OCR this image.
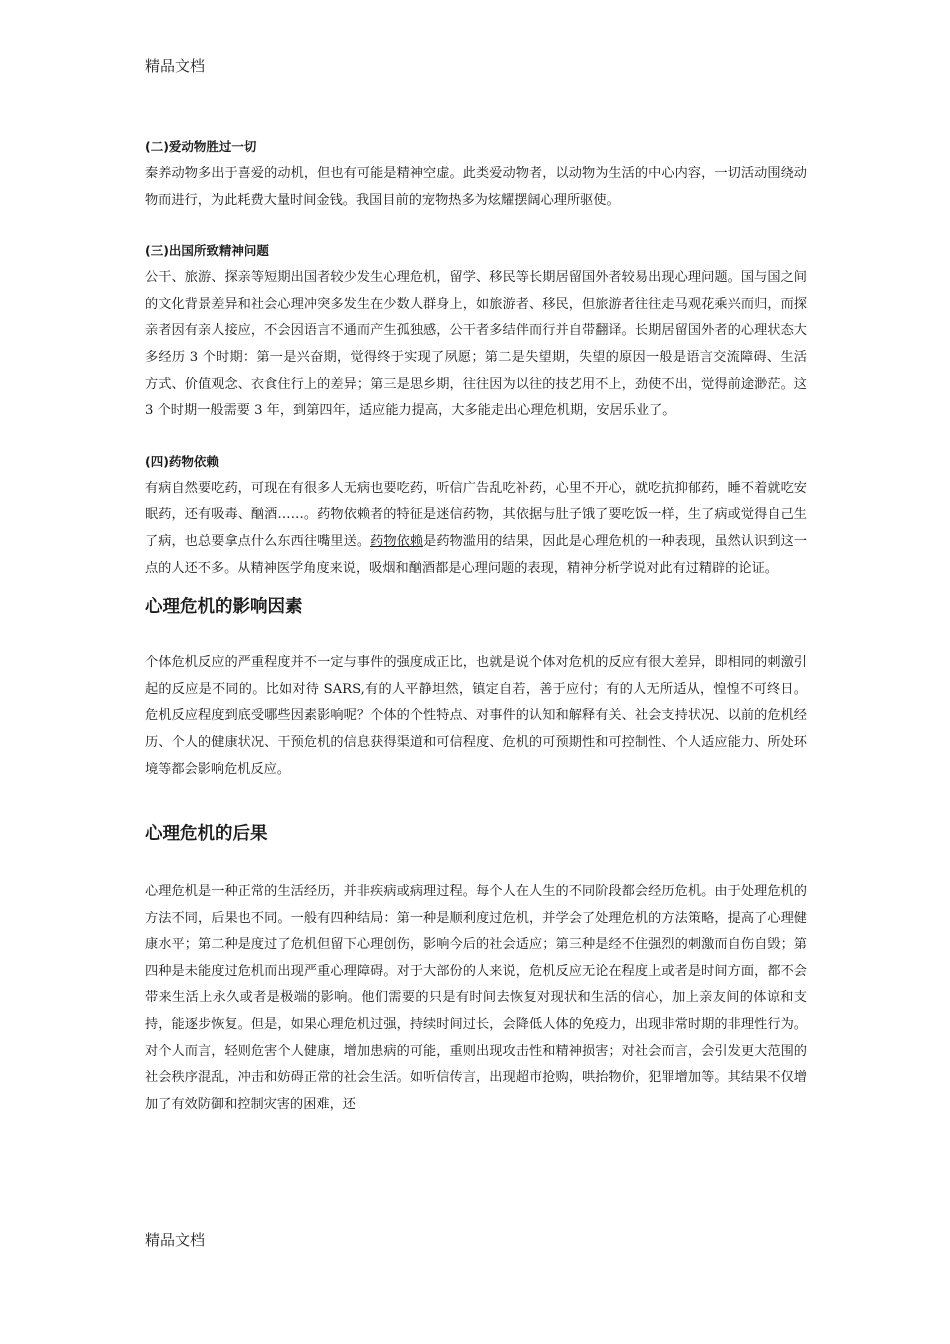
精品文档

(二)爱动物胜过一切

秦养动物多出于喜爱的动机，但也有可能是精神空虚。此类爱动物者，以动物为生活的中心内容，一切活动围绕动物而进行，为此耗费大量时间金钱。我国目前的宠物热多为炫耀摆阔心理所驱使。

(三)出国所致精神问题

公干、旅游、探亲等短期出国者较少发生心理危机，留学、移民等长期居留国外者较易出现心理问题。国与国之间的文化背景差异和社会心理冲突多发生在少数人群身上，如旅游者、移民，但旅游者往往走马观花乘兴而归，而探亲者因有亲人接应，不会因语言不通而产生孤独感，公干者多结伴而行并自带翻译。长期居留国外者的心理状态大多经历 3 个时期：第一是兴奋期，觉得终于实现了夙愿；第二是失望期，失望的原因一般是语言交流障碍、生活方式、价值观念、衣食住行上的差异；第三是思乡期，往往因为以往的技艺用不上，劲使不出，觉得前途渺茫。这 3 个时期一般需要 3 年，到第四年，适应能力提高，大多能走出心理危机期，安居乐业了。

(四)药物依赖

有病自然要吃药，可现在有很多人无病也要吃药，听信广告乱吃补药，心里不开心，就吃抗抑郁药，睡不着就吃安眠药，还有吸毒、酗酒……。药物依赖者的特征是迷信药物，其依据与肚子饿了要吃饭一样，生了病或觉得自己生了病，也总要拿点什么东西往嘴里送。药物依赖是药物滥用的结果，因此是心理危机的一种表现，虽然认识到这一点的人还不多。从精神医学角度来说，吸烟和酗酒都是心理问题的表现，精神分析学说对此有过精辟的论证。

心理危机的影响因素

个体危机反应的严重程度并不一定与事件的强度成正比，也就是说个体对危机的反应有很大差异，即相同的刺激引起的反应是不同的。比如对待 SARS,有的人平静坦然，镇定自若，善于应付；有的人无所适从，惶惶不可终日。危机反应程度到底受哪些因素影响呢？个体的个性特点、对事件的认知和解释有关、社会支持状况、以前的危机经历、个人的健康状况、干预危机的信息获得渠道和可信程度、危机的可预期性和可控制性、个人适应能力、所处环境等都会影响危机反应。

心理危机的后果

心理危机是一种正常的生活经历，并非疾病或病理过程。每个人在人生的不同阶段都会经历危机。由于处理危机的方法不同，后果也不同。一般有四种结局：第一种是顺利度过危机，并学会了处理危机的方法策略，提高了心理健康水平；第二种是度过了危机但留下心理创伤，影响今后的社会适应；第三种是经不住强烈的刺激而自伤自毁；第四种是未能度过危机而出现严重心理障碍。对于大部份的人来说，危机反应无论在程度上或者是时间方面，都不会带来生活上永久或者是极端的影响。他们需要的只是有时间去恢复对现状和生活的信心，加上亲友间的体谅和支持，能逐步恢复。但是，如果心理危机过强，持续时间过长，会降低人体的免疫力，出现非常时期的非理性行为。对个人而言，轻则危害个人健康，增加患病的可能，重则出现攻击性和精神损害；对社会而言，会引发更大范围的社会秩序混乱，冲击和妨碍正常的社会生活。如听信传言，出现超市抢购，哄抬物价，犯罪增加等。其结果不仅增加了有效防御和控制灾害的困难，还

精品文档
